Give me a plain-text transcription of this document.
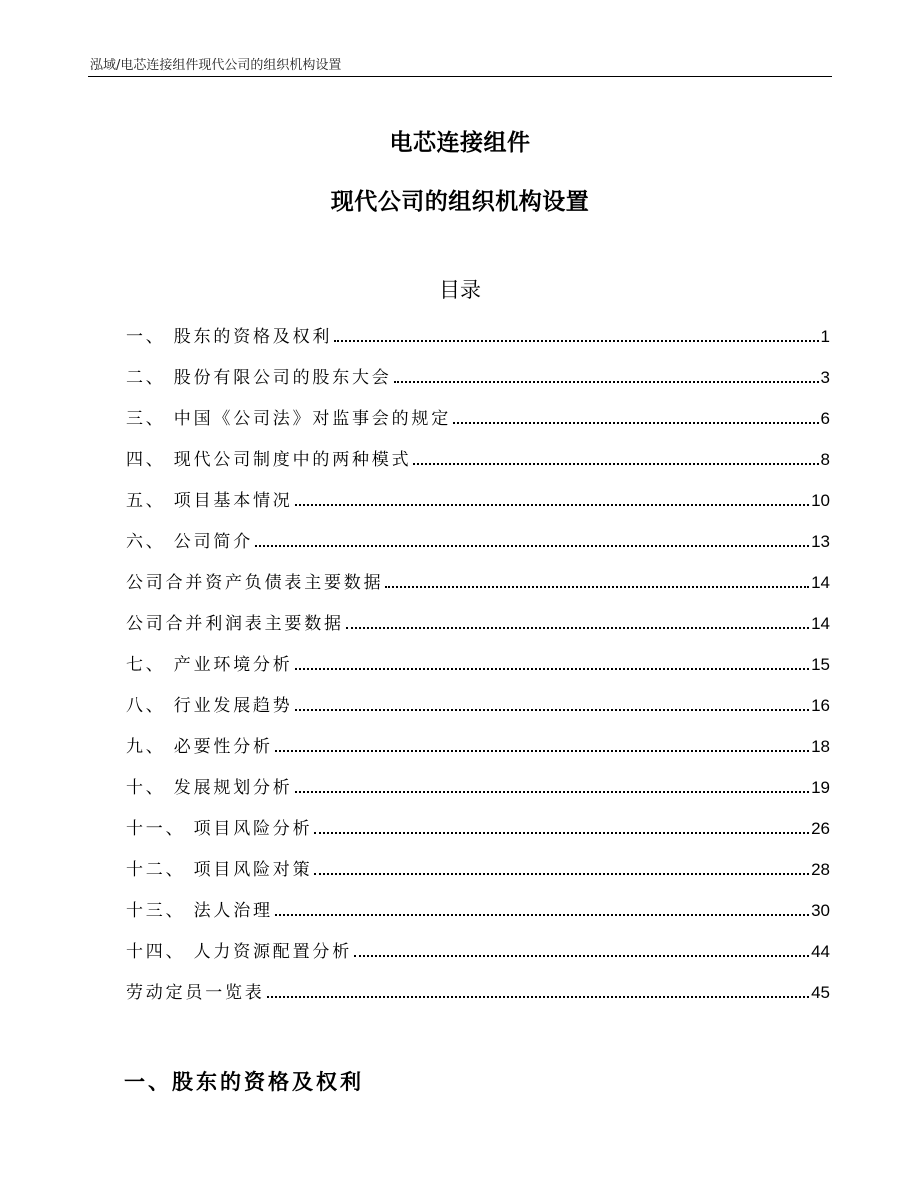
泓域/电芯连接组件现代公司的组织机构设置
电芯连接组件
现代公司的组织机构设置
目录
一、 股东的资格及权利	1
二、 股份有限公司的股东大会	3
三、 中国《公司法》对监事会的规定	6
四、 现代公司制度中的两种模式	8
五、 项目基本情况	10
六、 公司简介	13
公司合并资产负债表主要数据	14
公司合并利润表主要数据	14
七、 产业环境分析	15
八、 行业发展趋势	16
九、 必要性分析	18
十、 发展规划分析	19
十一、 项目风险分析	26
十二、 项目风险对策	28
十三、 法人治理	30
十四、 人力资源配置分析	44
劳动定员一览表	45
一、股东的资格及权利
